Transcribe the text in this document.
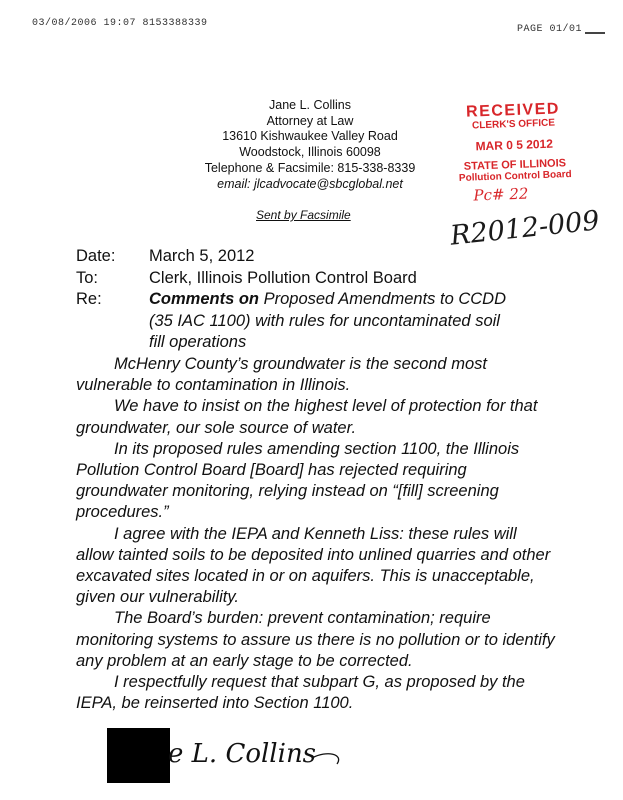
03/08/2006 19:07 8153388339
PAGE 01/01
Jane L. Collins
Attorney at Law
13610 Kishwaukee Valley Road
Woodstock, Illinois 60098
Telephone & Facsimile: 815-338-8339
email: jlcadvocate@sbcglobal.net
Sent by Facsimile
RECEIVED
CLERK'S OFFICE
MAR 0 5 2012
STATE OF ILLINOIS
Pollution Control Board
Pc# 22
R2012-009
Date: March 5, 2012
To:	Clerk, Illinois Pollution Control Board
Re:	Comments on Proposed Amendments to CCDD
(35 IAC 1100) with rules for uncontaminated soil
fill operations

McHenry County’s groundwater is the second most vulnerable to contamination in Illinois.

We have to insist on the highest level of protection for that groundwater, our sole source of water.

In its proposed rules amending section 1100, the Illinois Pollution Control Board [Board] has rejected requiring groundwater monitoring, relying instead on “[fill] screening procedures.”

I agree with the IEPA and Kenneth Liss: these rules will allow tainted soils to be deposited into unlined quarries and other excavated sites located in or on aquifers. This is unacceptable, given our vulnerability.

The Board’s burden: prevent contamination; require monitoring systems to assure us there is no pollution or to identify any problem at an early stage to be corrected.

I respectfully request that subpart G, as proposed by the IEPA, be reinserted into Section 1100.

e L. Collins
